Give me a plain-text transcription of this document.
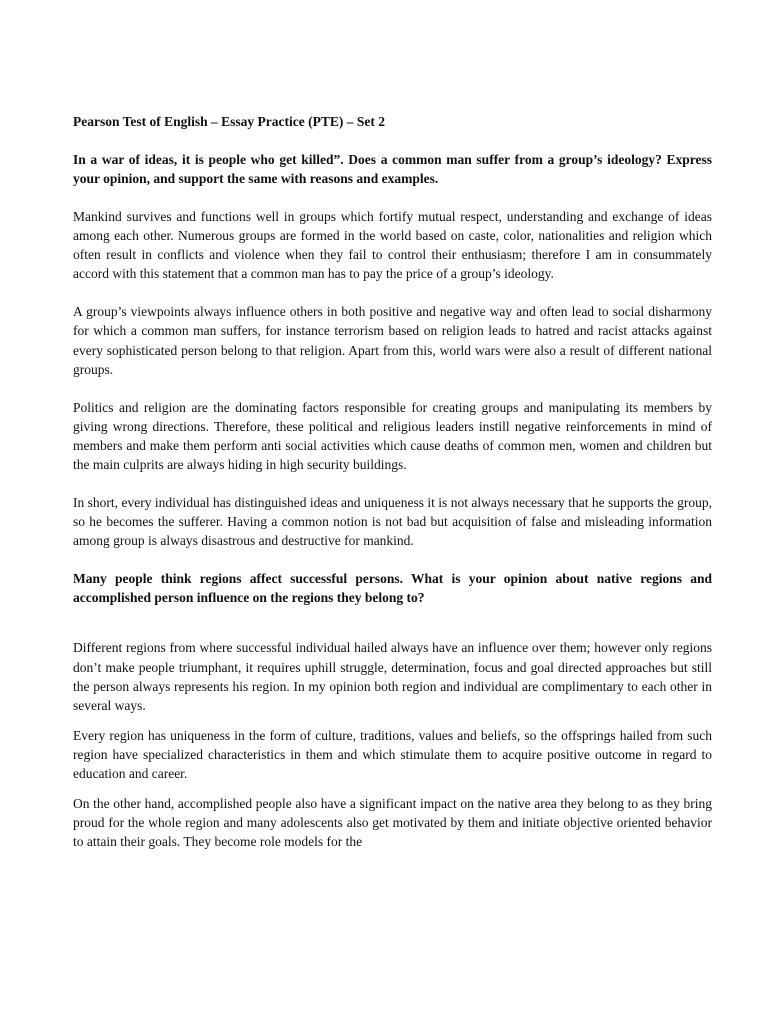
Pearson Test of English – Essay Practice (PTE) – Set 2

In a war of ideas, it is people who get killed”. Does a common man suffer from a group’s ideology? Express your opinion, and support the same with reasons and examples.

Mankind survives and functions well in groups which fortify mutual respect, understanding and exchange of ideas among each other. Numerous groups are formed in the world based on caste, color, nationalities and religion which often result in conflicts and violence when they fail to control their enthusiasm; therefore I am in consummately accord with this statement that a common man has to pay the price of a group’s ideology.

A group’s viewpoints always influence others in both positive and negative way and often lead to social disharmony for which a common man suffers, for instance terrorism based on religion leads to hatred and racist attacks against every sophisticated person belong to that religion. Apart from this, world wars were also a result of different national groups.

Politics and religion are the dominating factors responsible for creating groups and manipulating its members by giving wrong directions. Therefore, these political and religious leaders instill negative reinforcements in mind of members and make them perform anti social activities which cause deaths of common men, women and children but the main culprits are always hiding in high security buildings.

In short, every individual has distinguished ideas and uniqueness it is not always necessary that he supports the group, so he becomes the sufferer. Having a common notion is not bad but acquisition of false and misleading information among group is always disastrous and destructive for mankind.

Many people think regions affect successful persons. What is your opinion about native regions and accomplished person influence on the regions they belong to?

Different regions from where successful individual hailed always have an influence over them; however only regions don’t make people triumphant, it requires uphill struggle, determination, focus and goal directed approaches but still the person always represents his region. In my opinion both region and individual are complimentary to each other in several ways.

Every region has uniqueness in the form of culture, traditions, values and beliefs, so the offsprings hailed from such region have specialized characteristics in them and which stimulate them to acquire positive outcome in regard to education and career.

On the other hand, accomplished people also have a significant impact on the native area they belong to as they bring proud for the whole region and many adolescents also get motivated by them and initiate objective oriented behavior to attain their goals. They become role models for the
